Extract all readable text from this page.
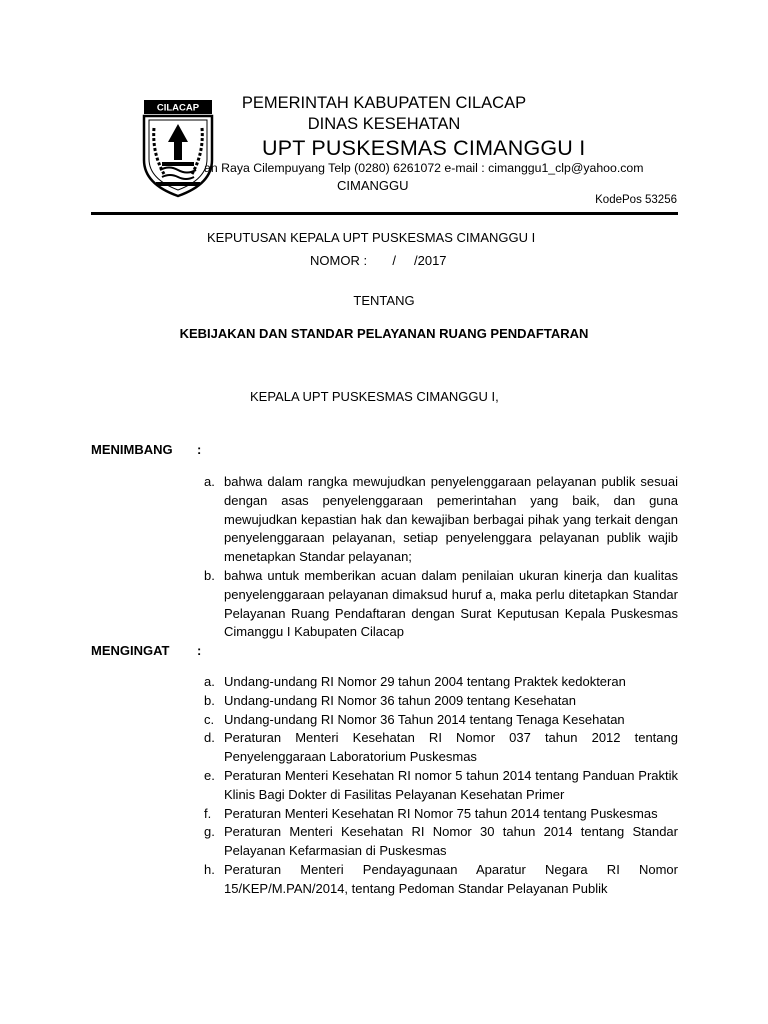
CILACAP	PEMERINTAH KABUPATEN CILACAP
DINAS KESEHATAN
UPT PUSKESMAS CIMANGGU I
an Raya Cilempuyang Telp (0280) 6261072 e-mail : cimanggu1_clp@yahoo.com
CIMANGGU
KodePos 53256
KEPUTUSAN KEPALA UPT PUSKESMAS CIMANGGU I
NOMOR :       /     /2017
TENTANG
KEBIJAKAN DAN STANDAR PELAYANAN RUANG PENDAFTARAN
KEPALA UPT PUSKESMAS CIMANGGU I,
MENIMBANG :
a. bahwa dalam rangka mewujudkan penyelenggaraan pelayanan publik sesuai dengan asas penyelenggaraan pemerintahan yang baik, dan guna mewujudkan kepastian hak dan kewajiban berbagai pihak yang terkait dengan penyelenggaraan pelayanan, setiap penyelenggara pelayanan publik wajib menetapkan Standar pelayanan;
b. bahwa untuk memberikan acuan dalam penilaian ukuran kinerja dan kualitas penyelenggaraan pelayanan dimaksud huruf a, maka perlu ditetapkan Standar Pelayanan Ruang Pendaftaran dengan Surat Keputusan Kepala Puskesmas Cimanggu I Kabupaten Cilacap
MENGINGAT :
a. Undang-undang RI Nomor 29 tahun 2004 tentang Praktek kedokteran
b. Undang-undang RI Nomor 36 tahun 2009 tentang Kesehatan
c. Undang-undang RI Nomor 36 Tahun 2014 tentang Tenaga Kesehatan
d. Peraturan Menteri Kesehatan RI Nomor 037 tahun 2012 tentang Penyelenggaraan Laboratorium Puskesmas
e. Peraturan Menteri Kesehatan RI nomor 5 tahun 2014 tentang Panduan Praktik Klinis Bagi Dokter di Fasilitas Pelayanan Kesehatan Primer
f. Peraturan Menteri Kesehatan RI Nomor 75 tahun 2014 tentang Puskesmas
g. Peraturan Menteri Kesehatan RI Nomor 30 tahun 2014 tentang Standar Pelayanan Kefarmasian di Puskesmas
h. Peraturan Menteri Pendayagunaan Aparatur Negara RI Nomor 15/KEP/M.PAN/2014, tentang Pedoman Standar Pelayanan Publik
